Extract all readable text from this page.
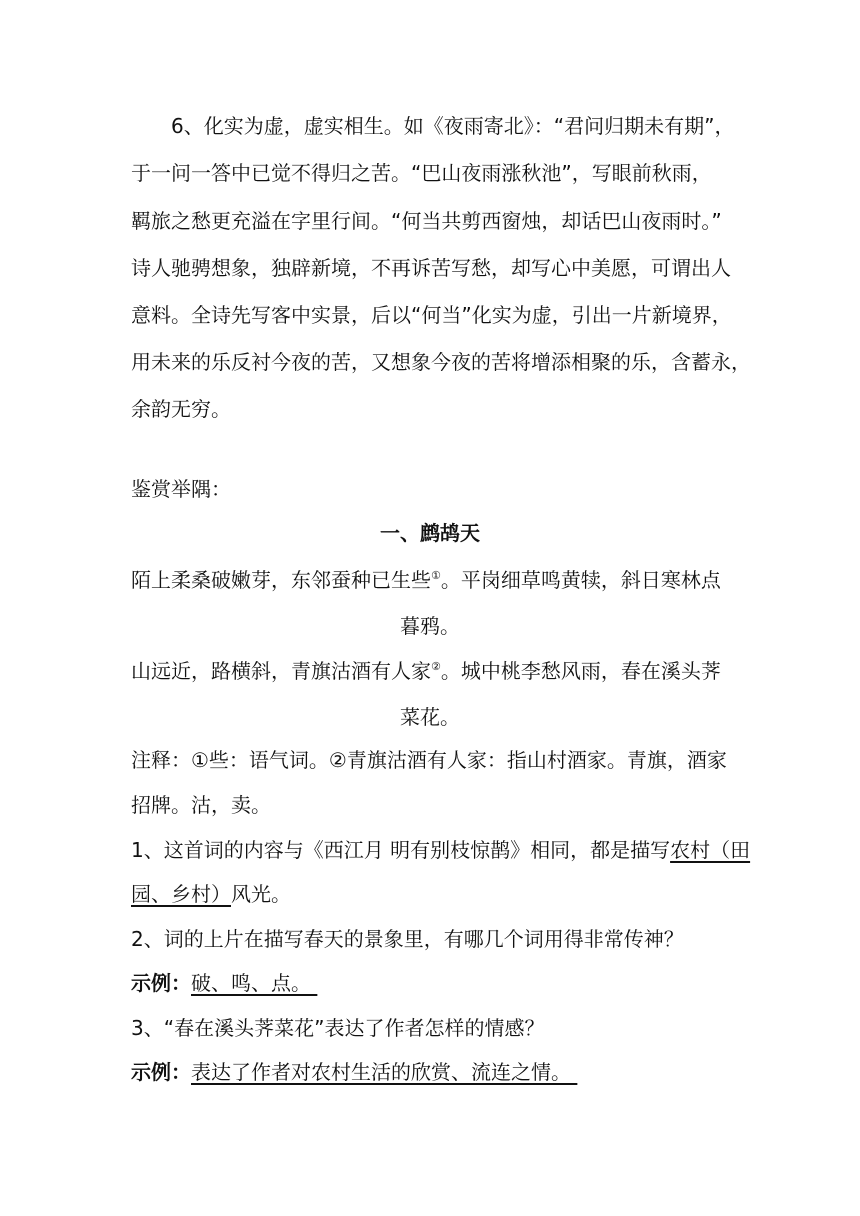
6、化实为虚，虚实相生。如《夜雨寄北》：“君问归期未有期”，
于一问一答中已觉不得归之苦。“巴山夜雨涨秋池”，写眼前秋雨，
羁旅之愁更充溢在字里行间。“何当共剪西窗烛，却话巴山夜雨时。”
诗人驰骋想象，独辟新境，不再诉苦写愁，却写心中美愿，可谓出人
意料。全诗先写客中实景，后以“何当”化实为虚，引出一片新境界，
用未来的乐反衬今夜的苦，又想象今夜的苦将增添相聚的乐，含蓄永，
余韵无穷。
鉴赏举隅：
一、鹧鸪天
陌上柔桑破嫩芽，东邻蚕种已生些①。平岗细草鸣黄犊，斜日寒林点
暮鸦。
山远近，路横斜，青旗沽酒有人家②。城中桃李愁风雨，春在溪头荠
菜花。
注释：①些：语气词。②青旗沽酒有人家：指山村酒家。青旗，酒家
招牌。沽，卖。
1、这首词的内容与《西江月 明有别枝惊鹊》相同，都是描写农村（田
园、乡村）风光。
2、词的上片在描写春天的景象里，有哪几个词用得非常传神？
示例：破、鸣、点。
3、“春在溪头荠菜花”表达了作者怎样的情感？
示例：表达了作者对农村生活的欣赏、流连之情。
